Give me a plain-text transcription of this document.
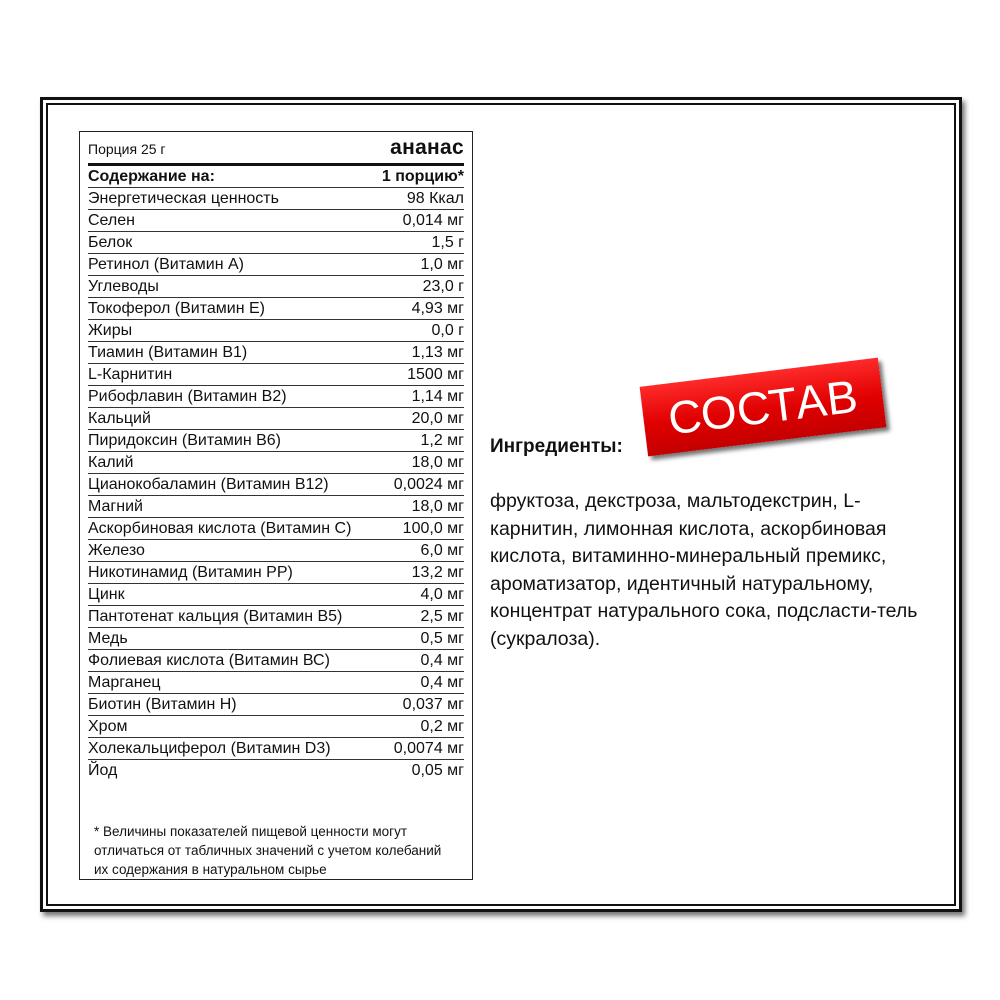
Порция 25 г	ананас
Содержание на:	1 порцию*
Энергетическая ценность	98 Ккал
Селен	0,014 мг
Белок	1,5 г
Ретинол (Витамин А)	1,0 мг
Углеводы	23,0 г
Токоферол (Витамин Е)	4,93 мг
Жиры	0,0 г
Тиамин (Витамин В1)	1,13 мг
L-Карнитин	1500 мг
Рибофлавин (Витамин В2)	1,14 мг
Кальций	20,0 мг
Пиридоксин (Витамин В6)	1,2 мг
Калий	18,0 мг
Цианокобаламин (Витамин В12)	0,0024 мг
Магний	18,0 мг
Аскорбиновая кислота (Витамин С)	100,0 мг
Железо	6,0 мг
Никотинамид (Витамин РР)	13,2 мг
Цинк	4,0 мг
Пантотенат кальция (Витамин В5)	2,5 мг
Медь	0,5 мг
Фолиевая кислота (Витамин ВС)	0,4 мг
Марганец	0,4 мг
Биотин (Витамин Н)	0,037 мг
Хром	0,2 мг
Холекальциферол (Витамин D3)	0,0074 мг
Йод	0,05 мг
* Величины показателей пищевой ценности могут отличаться от табличных значений с учетом колебаний их содержания в натуральном сырье
Ингредиенты:
СОСТАВ
фруктоза, декстроза, мальтодекстрин, L-карнитин, лимонная кислота, аскорбиновая кислота, витаминно-минеральный премикс, ароматизатор, идентичный натуральному, концентрат натурального сока, подсласти-тель (сукралоза).
